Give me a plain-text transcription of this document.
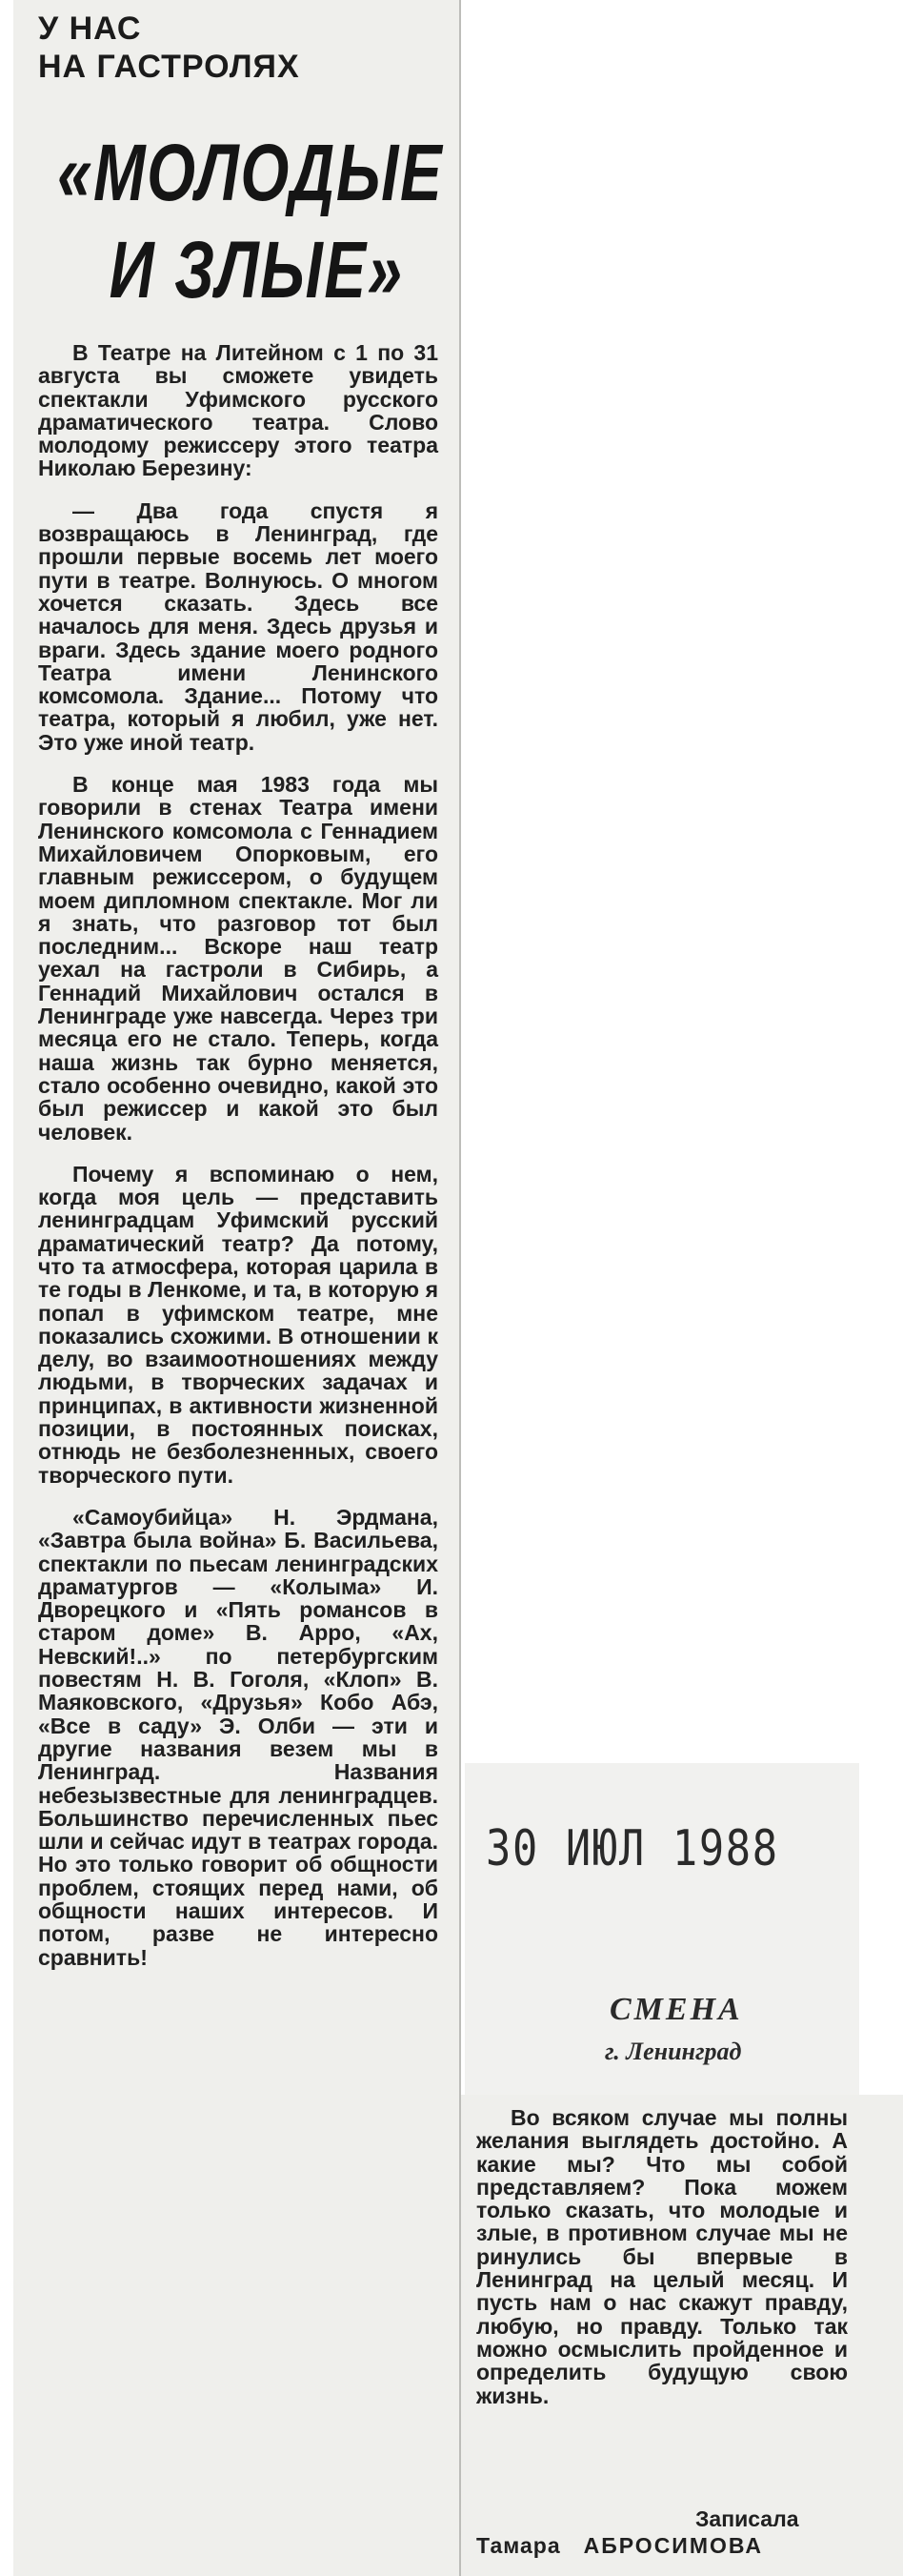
У НАС
НА ГАСТРОЛЯХ
«МОЛОДЫЕ
И ЗЛЫЕ»

В Театре на Литейном с 1 по 31 августа вы сможете увидеть спектакли Уфимского русского драматического театра. Слово молодому режиссеру этого театра Николаю Березину:

— Два года спустя я возвращаюсь в Ленинград, где прошли первые восемь лет моего пути в театре. Волнуюсь. О многом хочется сказать. Здесь все началось для меня. Здесь друзья и враги. Здесь здание моего родного Театра имени Ленинского комсомола. Здание... Потому что театра, который я любил, уже нет. Это уже иной театр.

В конце мая 1983 года мы говорили в стенах Театра имени Ленинского комсомола с Геннадием Михайловичем Опорковым, его главным режиссером, о будущем моем дипломном спектакле. Мог ли я знать, что разговор тот был последним... Вскоре наш театр уехал на гастроли в Сибирь, а Геннадий Михайлович остался в Ленинграде уже навсегда. Через три месяца его не стало. Теперь, когда наша жизнь так бурно меняется, стало особенно очевидно, какой это был режиссер и какой это был человек.

Почему я вспоминаю о нем, когда моя цель — представить ленинградцам Уфимский русский драматический театр? Да потому, что та атмосфера, которая царила в те годы в Ленкоме, и та, в которую я попал в уфимском театре, мне показались схожими. В отношении к делу, во взаимоотношениях между людьми, в творческих задачах и принципах, в активности жизненной позиции, в постоянных поисках, отнюдь не безболезненных, своего творческого пути.

«Самоубийца» Н. Эрдмана, «Завтра была война» Б. Васильева, спектакли по пьесам ленинградских драматургов — «Колыма» И. Дворецкого и «Пять романсов в старом доме» В. Арро, «Ах, Невский!..» по петербургским повестям Н. В. Гоголя, «Клоп» В. Маяковского, «Друзья» Кобо Абэ, «Все в саду» Э. Олби — эти и другие названия везем мы в Ленинград. Названия небезызвестные для ленинградцев. Большинство перечисленных пьес шли и сейчас идут в театрах города. Но это только говорит об общности проблем, стоящих перед нами, об общности наших интересов. И потом, разве не интересно сравнить!

30 ИЮЛ 1988
СМЕНА
г. Ленинград

Во всяком случае мы полны желания выглядеть достойно. А какие мы? Что мы собой представляем? Пока можем только сказать, что молодые и злые, в противном случае мы не ринулись бы впервые в Ленинград на целый месяц. И пусть нам о нас скажут правду, любую, но правду. Только так можно осмыслить пройденное и определить будущую свою жизнь.

Записала
Тамара АБРОСИМОВА
